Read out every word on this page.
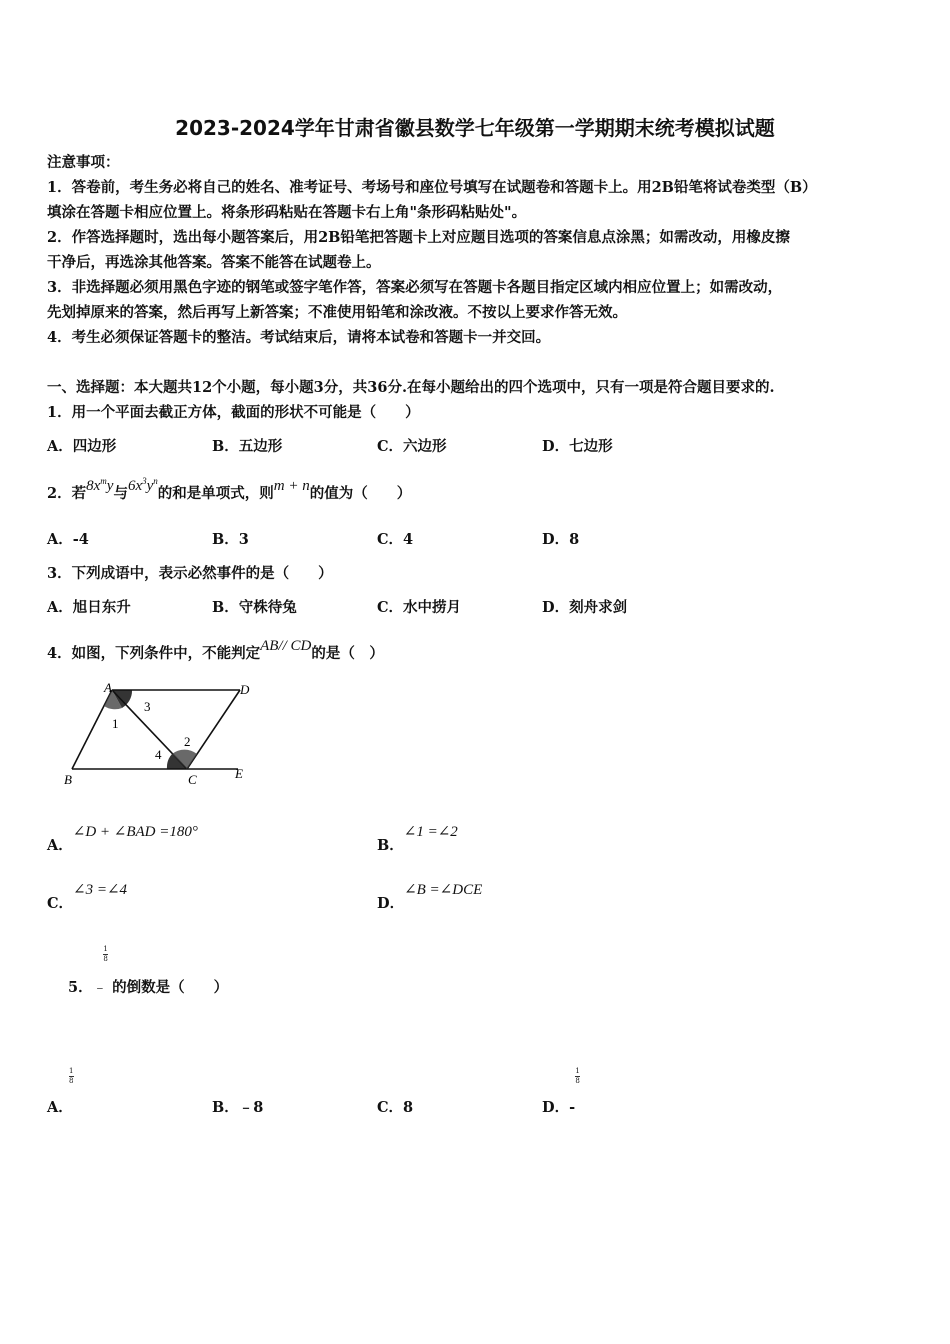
2023-2024学年甘肃省徽县数学七年级第一学期期末统考模拟试题
注意事项：
1．答卷前，考生务必将自己的姓名、准考证号、考场号和座位号填写在试题卷和答题卡上。用2B铅笔将试卷类型（B）
填涂在答题卡相应位置上。将条形码粘贴在答题卡右上角"条形码粘贴处"。
2．作答选择题时，选出每小题答案后，用2B铅笔把答题卡上对应题目选项的答案信息点涂黑；如需改动，用橡皮擦
干净后，再选涂其他答案。答案不能答在试题卷上。
3．非选择题必须用黑色字迹的钢笔或签字笔作答，答案必须写在答题卡各题目指定区域内相应位置上；如需改动，
先划掉原来的答案，然后再写上新答案；不准使用铅笔和涂改液。不按以上要求作答无效。
4．考生必须保证答题卡的整洁。考试结束后，请将本试卷和答题卡一并交回。
一、选择题：本大题共12个小题，每小题3分，共36分.在每小题给出的四个选项中，只有一项是符合题目要求的.
1．用一个平面去截正方体，截面的形状不可能是（　　）
A．四边形	B．五边形	C．六边形	D．七边形
2．若$8x^my$与$6x^3y^n$的和是单项式，则m + n的值为（　　）
A．-4	B．3	C．4	D．8
3．下列成语中，表示必然事件的是（　　）
A．旭日东升	B．守株待兔	C．水中捞月	D．刻舟求剑
4．如图，下列条件中，不能判定AB// CD的是（　）
A	D
3
1
2
4
B	C	E
A．∠D + ∠BAD =180°
B．∠1 =∠2
C．∠3 =∠4
D．∠B =∠DCE
5．﹣
$\frac{1}{8}$
的倒数是（　　）
A．
$\frac{1}{8}$
B．﹣8	C．8	D．-
$\frac{1}{8}$
